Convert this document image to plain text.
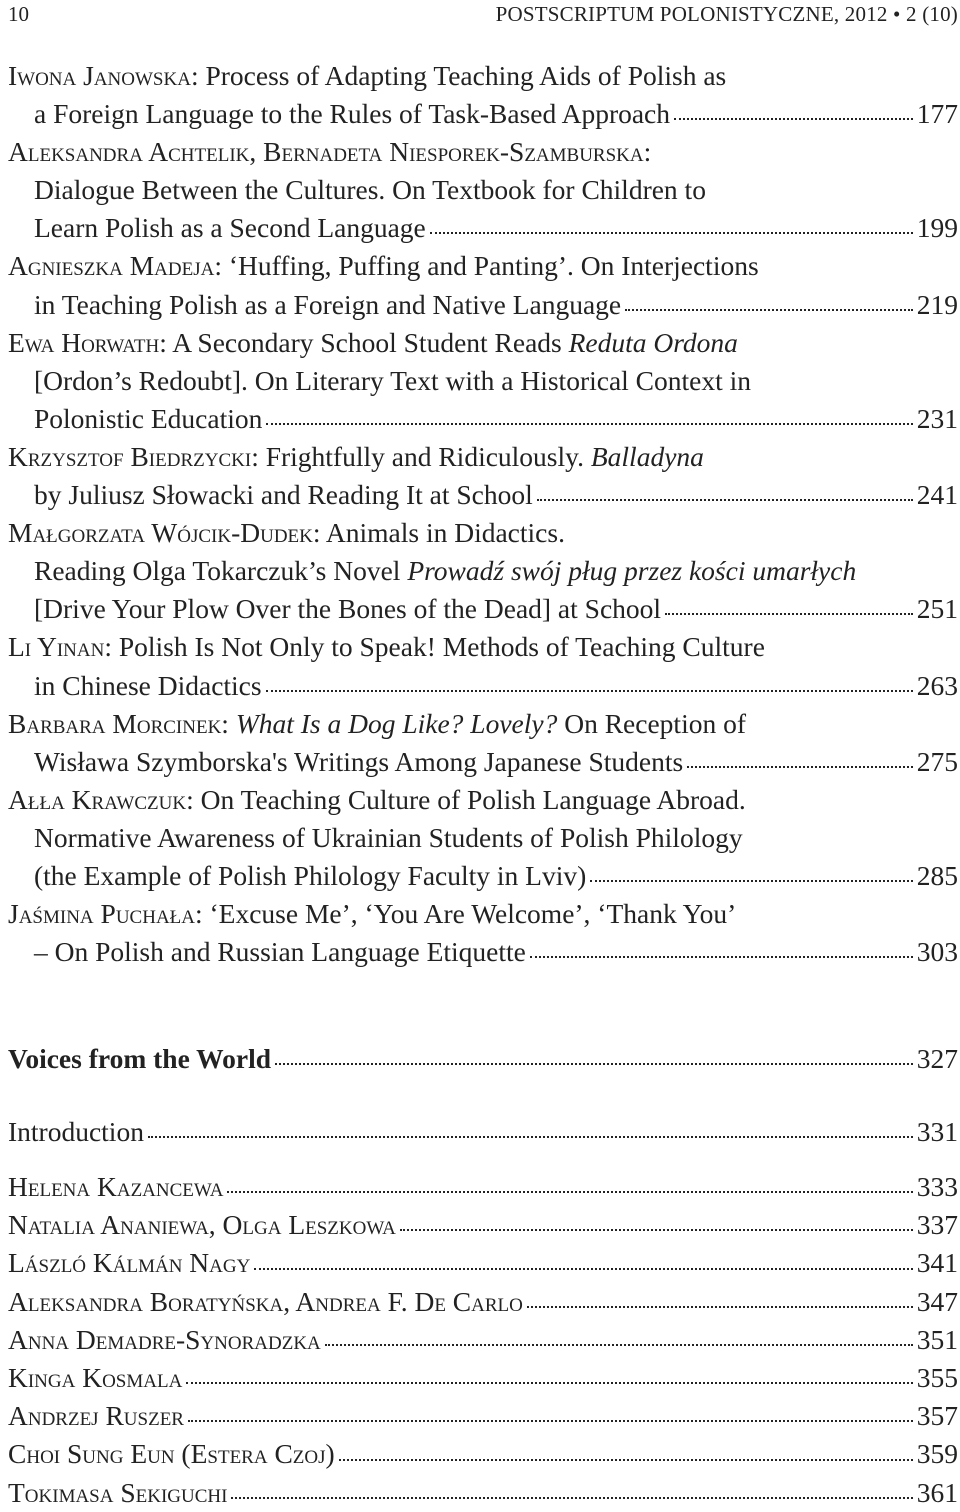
10	POSTSCRIPTUM POLONISTYCZNE, 2012 • 2 (10)
Iwona Janowska: Process of Adapting Teaching Aids of Polish as
a Foreign Language to the Rules of Task-Based Approach	177
Aleksandra Achtelik, Bernadeta Niesporek-Szamburska:
Dialogue Between the Cultures. On Textbook for Children to
Learn Polish as a Second Language	199
Agnieszka Madeja: ‘Huffing, Puffing and Panting’. On Interjections
in Teaching Polish as a Foreign and Native Language	219
Ewa Horwath: A Secondary School Student Reads Reduta Ordona
[Ordon’s Redoubt]. On Literary Text with a Historical Context in
Polonistic Education	231
Krzysztof Biedrzycki: Frightfully and Ridiculously. Balladyna
by Juliusz Słowacki and Reading It at School	241
Małgorzata Wójcik-Dudek: Animals in Didactics.
Reading Olga Tokarczuk’s Novel Prowadź swój pług przez kości umarłych
[Drive Your Plow Over the Bones of the Dead] at School	251
Li Yinan: Polish Is Not Only to Speak! Methods of Teaching Culture
in Chinese Didactics	263
Barbara Morcinek: What Is a Dog Like? Lovely? On Reception of
Wisława Szymborska's Writings Among Japanese Students	275
Ałła Krawczuk: On Teaching Culture of Polish Language Abroad.
Normative Awareness of Ukrainian Students of Polish Philology
(the Example of Polish Philology Faculty in Lviv)	285
Jaśmina Puchała: ‘Excuse Me’, ‘You Are Welcome’, ‘Thank You’
– On Polish and Russian Language Etiquette	303
Voices from the World	327
Introduction	331
Helena Kazancewa	333
Natalia Ananiewa, Olga Leszkowa	337
László Kálmán Nagy	341
Aleksandra Boratyńska, Andrea F. De Carlo	347
Anna Demadre-Synoradzka	351
Kinga Kosmala	355
Andrzej Ruszer	357
Choi Sung Eun (Estera Czoj)	359
Tokimasa Sekiguchi	361
